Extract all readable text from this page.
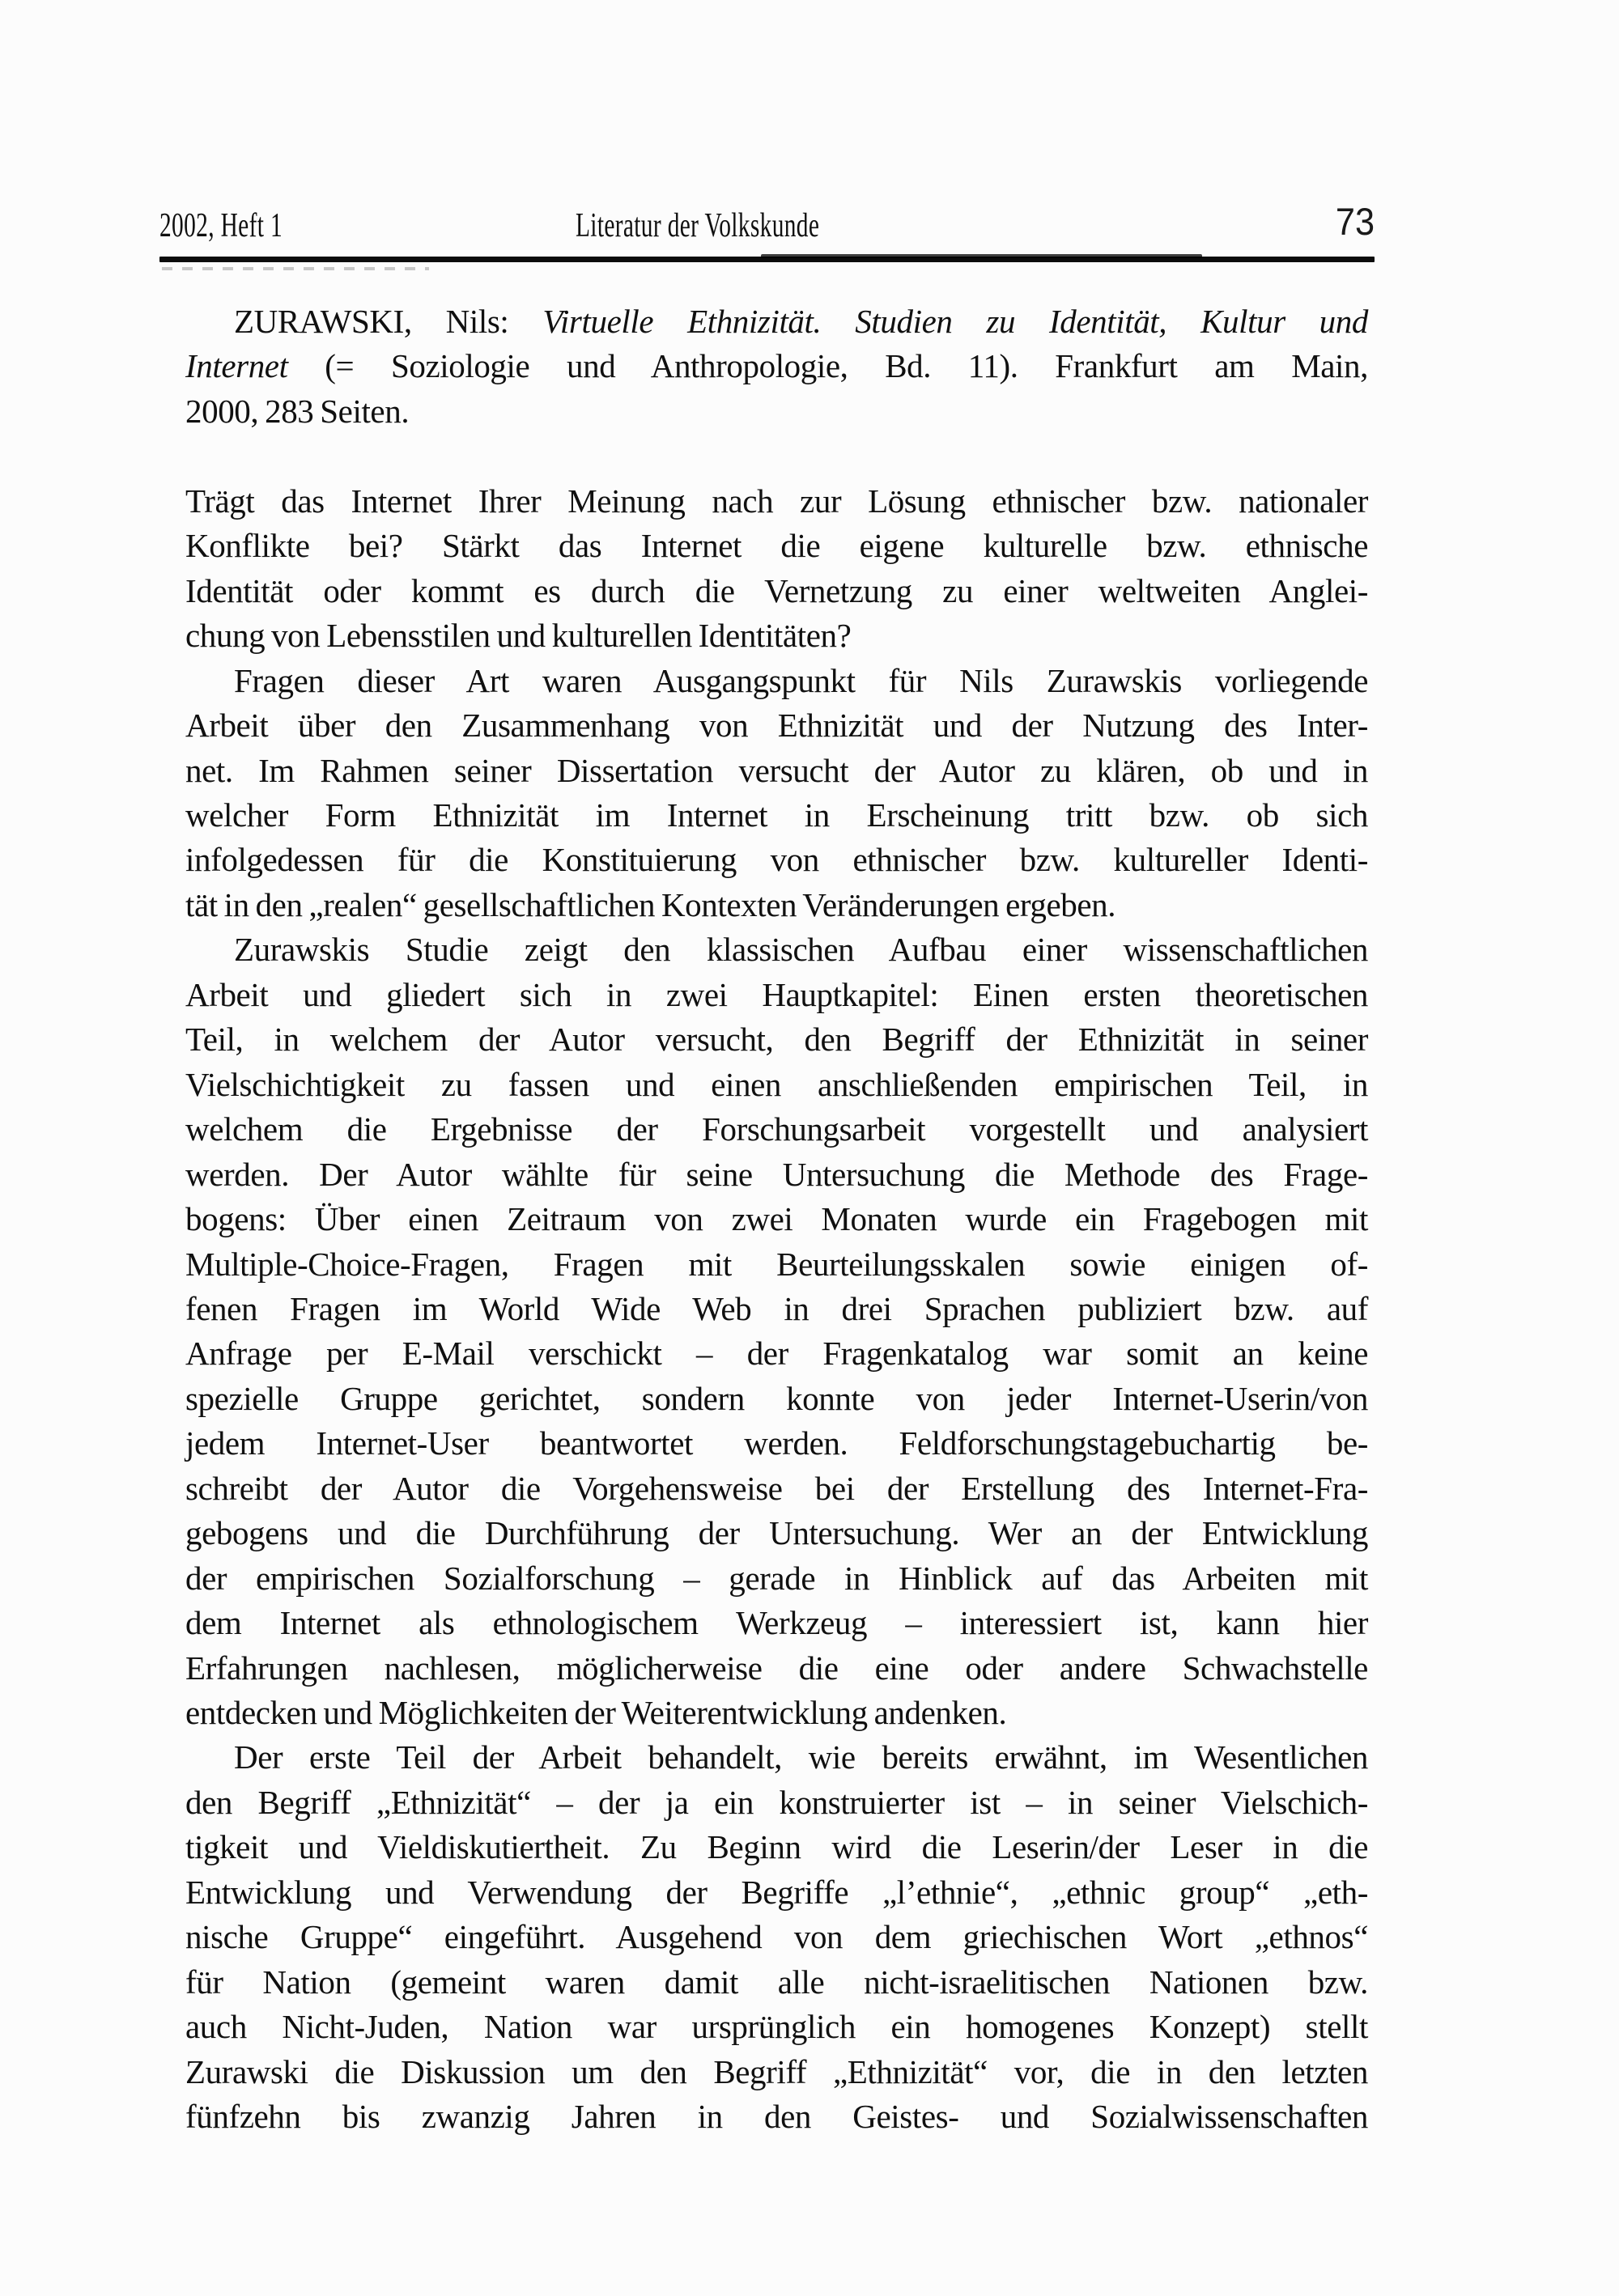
2002, Heft 1	Literatur der Volkskunde	73
ZURAWSKI, Nils: Virtuelle Ethnizität. Studien zu Identität, Kultur und
Internet (= Soziologie und Anthropologie, Bd. 11). Frankfurt am Main,
2000, 283 Seiten.
Trägt das Internet Ihrer Meinung nach zur Lösung ethnischer bzw. nationaler
Konflikte bei? Stärkt das Internet die eigene kulturelle bzw. ethnische
Identität oder kommt es durch die Vernetzung zu einer weltweiten Anglei-
chung von Lebensstilen und kulturellen Identitäten?
Fragen dieser Art waren Ausgangspunkt für Nils Zurawskis vorliegende
Arbeit über den Zusammenhang von Ethnizität und der Nutzung des Inter-
net. Im Rahmen seiner Dissertation versucht der Autor zu klären, ob und in
welcher Form Ethnizität im Internet in Erscheinung tritt bzw. ob sich
infolgedessen für die Konstituierung von ethnischer bzw. kultureller Identi-
tät in den „realen“ gesellschaftlichen Kontexten Veränderungen ergeben.
Zurawskis Studie zeigt den klassischen Aufbau einer wissenschaftlichen
Arbeit und gliedert sich in zwei Hauptkapitel: Einen ersten theoretischen
Teil, in welchem der Autor versucht, den Begriff der Ethnizität in seiner
Vielschichtigkeit zu fassen und einen anschließenden empirischen Teil, in
welchem die Ergebnisse der Forschungsarbeit vorgestellt und analysiert
werden. Der Autor wählte für seine Untersuchung die Methode des Frage-
bogens: Über einen Zeitraum von zwei Monaten wurde ein Fragebogen mit
Multiple-Choice-Fragen, Fragen mit Beurteilungsskalen sowie einigen of-
fenen Fragen im World Wide Web in drei Sprachen publiziert bzw. auf
Anfrage per E-Mail verschickt – der Fragenkatalog war somit an keine
spezielle Gruppe gerichtet, sondern konnte von jeder Internet-Userin/von
jedem Internet-User beantwortet werden. Feldforschungstagebuchartig be-
schreibt der Autor die Vorgehensweise bei der Erstellung des Internet-Fra-
gebogens und die Durchführung der Untersuchung. Wer an der Entwicklung
der empirischen Sozialforschung – gerade in Hinblick auf das Arbeiten mit
dem Internet als ethnologischem Werkzeug – interessiert ist, kann hier
Erfahrungen nachlesen, möglicherweise die eine oder andere Schwachstelle
entdecken und Möglichkeiten der Weiterentwicklung andenken.
Der erste Teil der Arbeit behandelt, wie bereits erwähnt, im Wesentlichen
den Begriff „Ethnizität“ – der ja ein konstruierter ist – in seiner Vielschich-
tigkeit und Vieldiskutiertheit. Zu Beginn wird die Leserin/der Leser in die
Entwicklung und Verwendung der Begriffe „l’ethnie“, „ethnic group“ „eth-
nische Gruppe“ eingeführt. Ausgehend von dem griechischen Wort „ethnos“
für Nation (gemeint waren damit alle nicht-israelitischen Nationen bzw.
auch Nicht-Juden, Nation war ursprünglich ein homogenes Konzept) stellt
Zurawski die Diskussion um den Begriff „Ethnizität“ vor, die in den letzten
fünfzehn bis zwanzig Jahren in den Geistes- und Sozialwissenschaften
